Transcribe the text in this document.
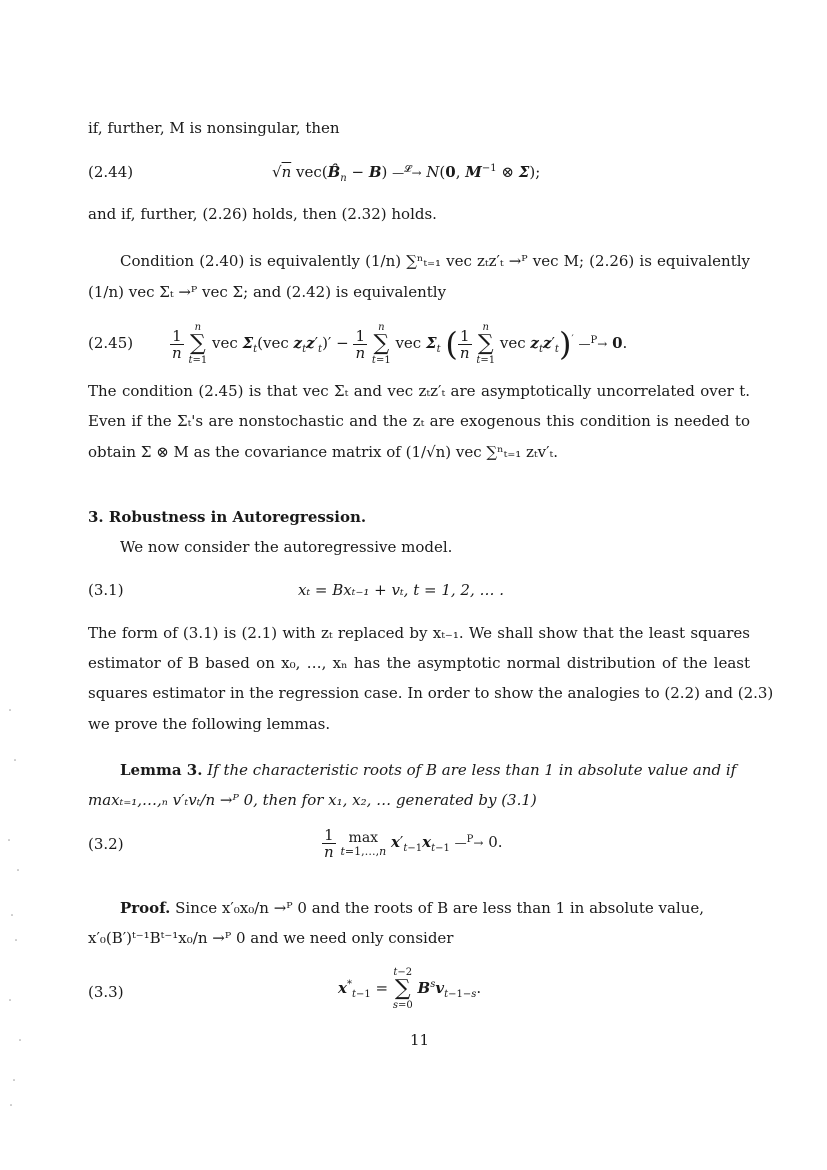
if, further, M is nonsingular, then
(2.44)	√n $vec(B̂_n - B)$ —$^𝓛$→ N(0, $M^{-1}$ ⊗ Σ);
and if, further, (2.26) holds, then (2.32) holds.
Condition (2.40) is equivalently (1/n) ∑ⁿₜ₌₁ vec zₜz′ₜ →ᴾ vec M; (2.26) is equivalently
(1/n) vec Σₜ →ᴾ vec Σ; and (2.42) is equivalently
$(2.45) \frac{1}{n}$ n
∑
t=1 vec $\Sigma_t(vec$ $z_tz'_t)' - \frac{1}{n}$ n
∑
t=1 vec $\Sigma_t$ ( $\frac{1}{n}$ n
∑
t=1 vec $z_tz'_t)'$ —$^P$→ 0.
The condition (2.45) is that vec Σₜ and vec zₜz′ₜ are asymptotically uncorrelated over t.
Even if the Σₜ's are nonstochastic and the zₜ are exogenous this condition is needed to
obtain Σ ⊗ M as the covariance matrix of (1/√n) vec ∑ⁿₜ₌₁ zₜv′ₜ.
3. Robustness in Autoregression.
We now consider the autoregressive model.
(3.1)	xₜ = Bxₜ₋₁ + vₜ, t = 1, 2, … .
The form of (3.1) is (2.1) with zₜ replaced by xₜ₋₁. We shall show that the least squares
estimator of B based on x₀, …, xₙ has the asymptotic normal distribution of the least
squares estimator in the regression case. In order to show the analogies to (2.2) and (2.3)
we prove the following lemmas.
Lemma 3. If the characteristic roots of B are less than 1 in absolute value and if
maxₜ₌₁,…,ₙ v′ₜvₜ/n →ᴾ 0, then for x₁, x₂, … generated by (3.1)
(3.2)	$\frac{1}{n}$
max
t=1,…,n $x'_{t-1}x_{t-1}$ —$^P$→ 0.
Proof. Since x′₀x₀/n →ᴾ 0 and the roots of B are less than 1 in absolute value,
x′₀(B′)ᵗ⁻¹Bᵗ⁻¹x₀/n →ᴾ 0 and we need only consider
(3.3)	$x^*_{t-1} = t-2$
∑
s=0 $B^sv_{t-1-s}$.
11
